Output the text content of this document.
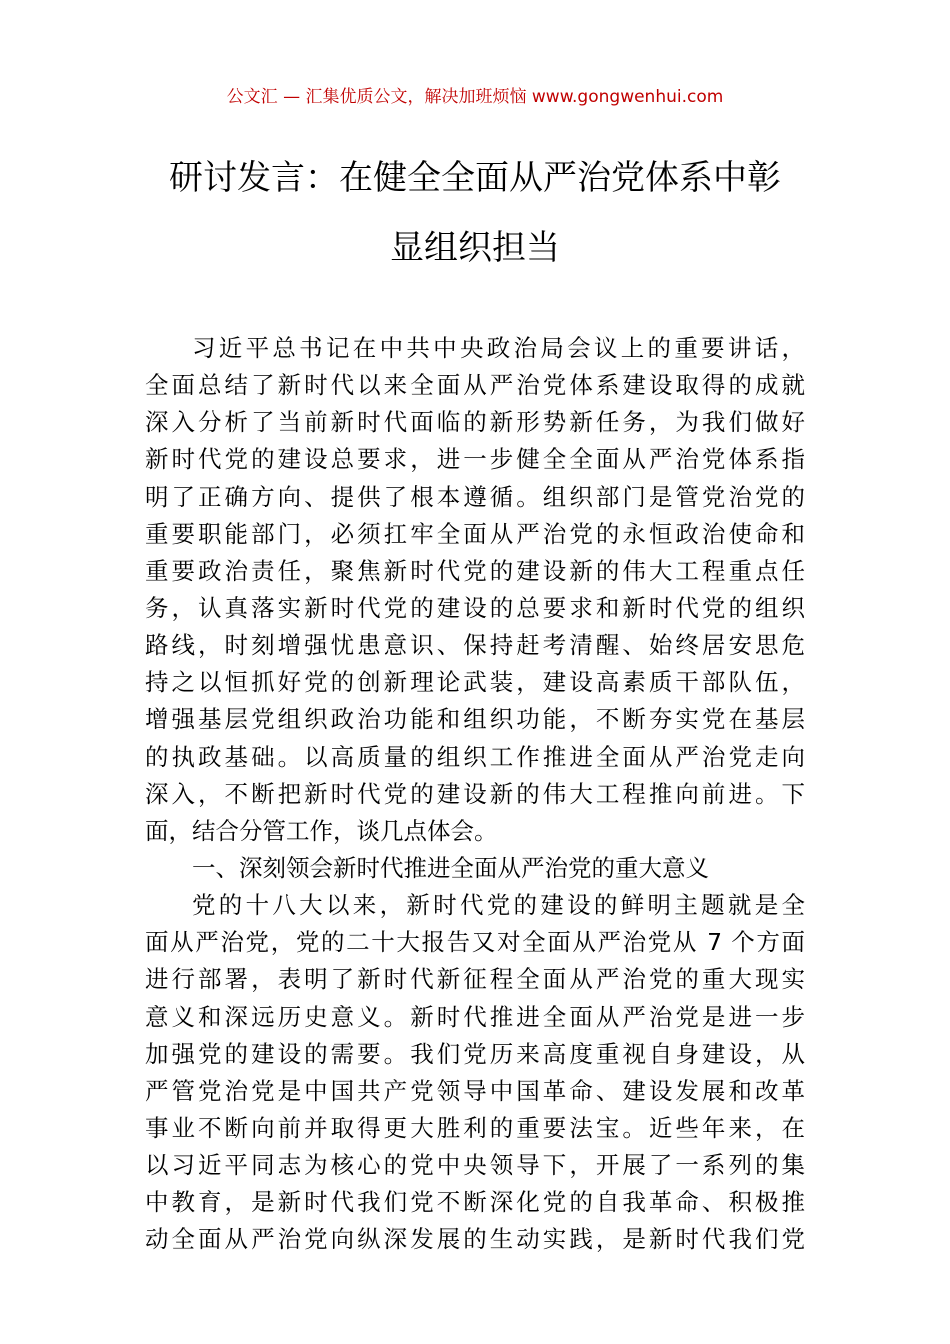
公文汇 — 汇集优质公文，解决加班烦恼 www.gongwenhui.com
研讨发言：在健全全面从严治党体系中彰
显组织担当
习近平总书记在中共中央政治局会议上的重要讲话，
全面总结了新时代以来全面从严治党体系建设取得的成就
深入分析了当前新时代面临的新形势新任务，为我们做好
新时代党的建设总要求，进一步健全全面从严治党体系指
明了正确方向、提供了根本遵循。组织部门是管党治党的
重要职能部门，必须扛牢全面从严治党的永恒政治使命和
重要政治责任，聚焦新时代党的建设新的伟大工程重点任
务，认真落实新时代党的建设的总要求和新时代党的组织
路线，时刻增强忧患意识、保持赶考清醒、始终居安思危
持之以恒抓好党的创新理论武装，建设高素质干部队伍，
增强基层党组织政治功能和组织功能，不断夯实党在基层
的执政基础。以高质量的组织工作推进全面从严治党走向
深入，不断把新时代党的建设新的伟大工程推向前进。下
面，结合分管工作，谈几点体会。
一、深刻领会新时代推进全面从严治党的重大意义
党的十八大以来，新时代党的建设的鲜明主题就是全
面从严治党，党的二十大报告又对全面从严治党从 7 个方面
进行部署，表明了新时代新征程全面从严治党的重大现实
意义和深远历史意义。新时代推进全面从严治党是进一步
加强党的建设的需要。我们党历来高度重视自身建设，从
严管党治党是中国共产党领导中国革命、建设发展和改革
事业不断向前并取得更大胜利的重要法宝。近些年来，在
以习近平同志为核心的党中央领导下，开展了一系列的集
中教育，是新时代我们党不断深化党的自我革命、积极推
动全面从严治党向纵深发展的生动实践，是新时代我们党
